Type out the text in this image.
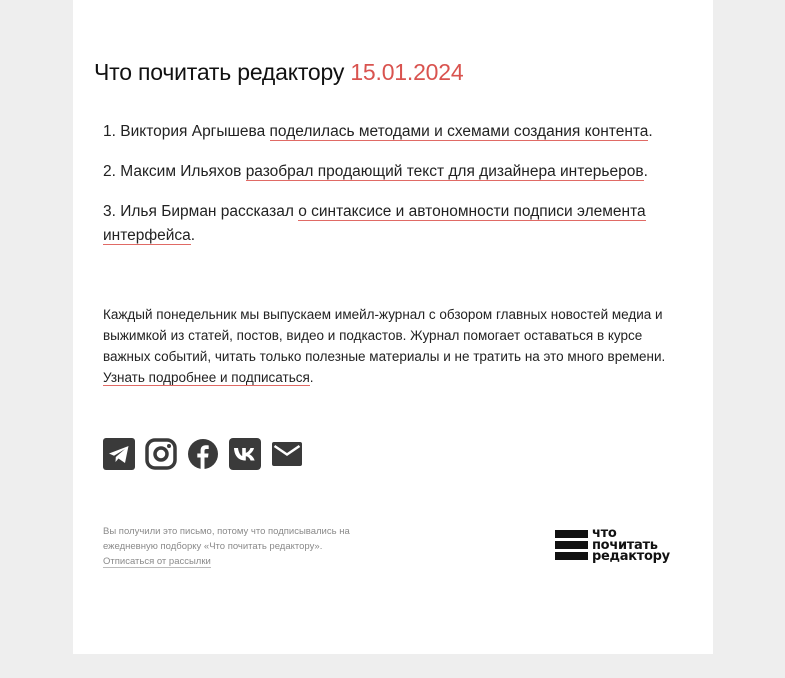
Что почитать редактору 15.01.2024

1. Виктория Аргышева поделилась методами и схемами создания контента.

2. Максим Ильяхов разобрал продающий текст для дизайнера интерьеров.

3. Илья Бирман рассказал о синтаксисе и автономности подписи элемента интерфейса.

Каждый понедельник мы выпускаем имейл-журнал с обзором главных новостей медиа и выжимкой из статей, постов, видео и подкастов. Журнал помогает оставаться в курсе важных событий, читать только полезные материалы и не тратить на это много времени. Узнать подробнее и подписаться.

Вы получили это письмо, потому что подписывались на ежедневную подборку «Что почитать редактору».
Отписаться от рассылки

что
почитать
редактору
